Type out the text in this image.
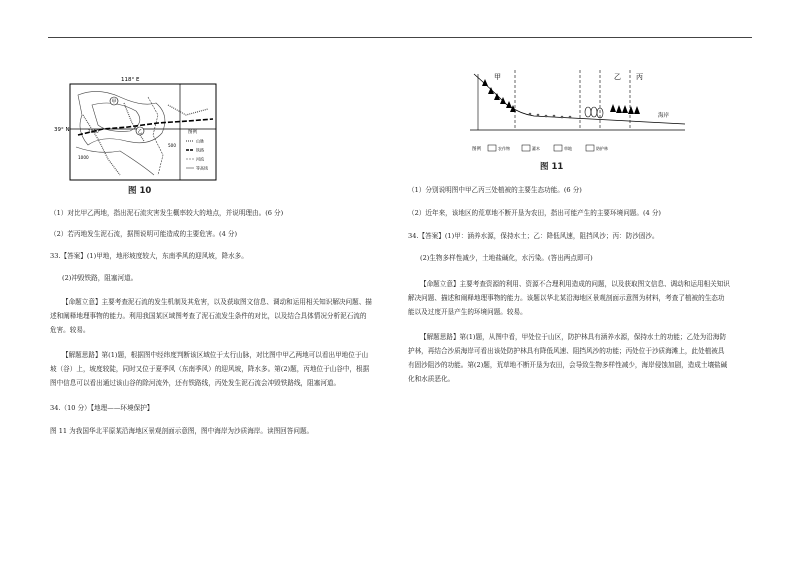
118° E
39° N
甲
乙
1000
1000
500
图例
山脉
铁路
河流
等高线
图 10
（1）对比甲乙两地，指出泥石流灾害发生概率较大的地点，并说明理由。(6 分)
（2）若丙地发生泥石流，据图说明可能造成的主要危害。(4 分)
33.【答案】(1)甲地，地形坡度较大，东南季风的迎风坡，降水多。
(2)冲毁铁路，阻塞河道。
【命题立意】主要考查泥石流的发生机制及其危害，以及获取图文信息、调动和运用相关知识解决问题、描
述和阐释地理事物的能力。利用我国某区域图考查了泥石流发生条件的对比，以及结合具体情况分析泥石流的
危害。较易。
【解题思路】第(1)题，根据图中经纬度判断该区域位于太行山脉，对比图中甲乙两地可以看出甲地位于山
坡（谷）上，坡度较陡，同时又位于夏季风（东南季风）的迎风坡，降水多。第(2)题，丙地位于山谷中，根据
图中信息可以看出通过该山谷的除河流外，还有铁路线，丙处发生泥石流会冲毁铁路线，阻塞河道。
34.（10 分）【地理——环境保护】
图 11 为我国华北平原某沿海地区景观剖面示意图，图中海岸为沙质海岸。读图回答问题。
甲	乙 丙
海岸
图例	农作物	灌木	草地	防护林
图 11
（1）分别说明图中甲乙丙三处植被的主要生态功能。(6 分)
（2）近年来，该地区的荒草地不断开垦为农田，指出可能产生的主要环境问题。(4 分)
34.【答案】(1)甲：涵养水源，保持水土；乙：降低风速，阻挡风沙；丙：防沙固沙。
(2)生物多样性减少，土地盐碱化，水污染。(答出两点即可)
【命题立意】主要考查资源的利用、资源不合理利用造成的问题，以及获取图文信息、调动和运用相关知识
解决问题、描述和阐释地理事物的能力。该题以华北某沿海地区景观剖面示意图为材料，考查了植被的生态功
能以及过度开垦产生的环境问题。较易。
【解题思路】第(1)题，从图中看，甲处位于山区，防护林具有涵养水源，保持水土的功能；乙处为沿海防
护林，再结合沙质海岸可看出该处防护林具有降低风速、阻挡风沙的功能；丙处位于沙质海滩上，此处植被具
有固沙阻沙的功能。第(2)题，荒草地不断开垦为农田，会导致生物多样性减少，海岸侵蚀加剧，造成土壤盐碱
化和水质恶化。
